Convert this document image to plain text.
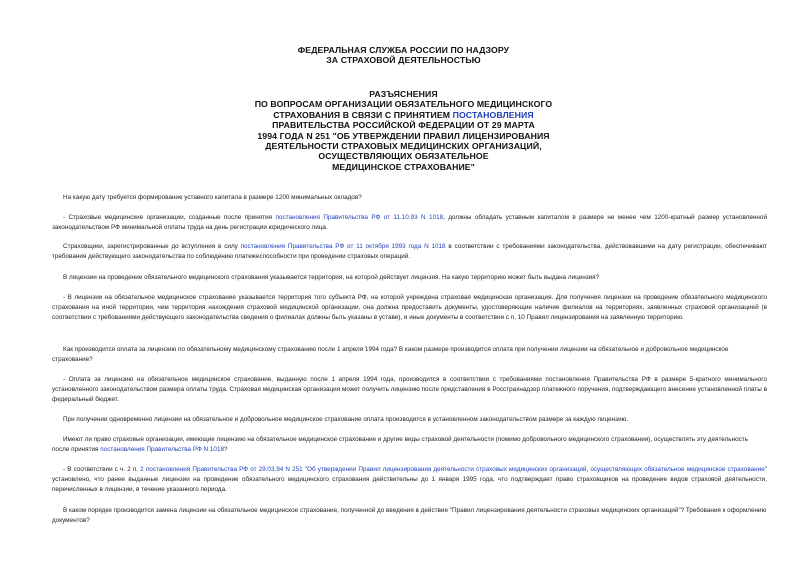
ФЕДЕРАЛЬНАЯ СЛУЖБА РОССИИ ПО НАДЗОРУ
ЗА СТРАХОВОЙ ДЕЯТЕЛЬНОСТЬЮ
РАЗЪЯСНЕНИЯ
ПО ВОПРОСАМ ОРГАНИЗАЦИИ ОБЯЗАТЕЛЬНОГО МЕДИЦИНСКОГО
СТРАХОВАНИЯ В СВЯЗИ С ПРИНЯТИЕМ ПОСТАНОВЛЕНИЯ
ПРАВИТЕЛЬСТВА РОССИЙСКОЙ ФЕДЕРАЦИИ ОТ 29 МАРТА
1994 ГОДА N 251 "ОБ УТВЕРЖДЕНИИ ПРАВИЛ ЛИЦЕНЗИРОВАНИЯ
ДЕЯТЕЛЬНОСТИ СТРАХОВЫХ МЕДИЦИНСКИХ ОРГАНИЗАЦИЙ,
ОСУЩЕСТВЛЯЮЩИХ ОБЯЗАТЕЛЬНОЕ
МЕДИЦИНСКОЕ СТРАХОВАНИЕ"
На какую дату требуется формирование уставного капитала в размере 1200 минимальных окладов?
- Страховые медицинские организации, созданные после принятия постановления Правительства РФ от 11.10.93 N 1018, должны обладать уставным капиталом в размере не менее чем 1200-кратный размер установленной законодательством РФ минимальной оплаты труда на день регистрации юридического лица.
Страховщики, зарегистрированные до вступления в силу постановления Правительства РФ от 11 октября 1993 года N 1018 в соответствии с требованиями законодательства, действовавшими на дату регистрации, обеспечивают требования действующего законодательства по соблюдению платежеспособности при проведении страховых операций.
В лицензии на проведение обязательного медицинского страхования указывается территория, на которой действует лицензия. На какую территорию может быть выдана лицензия?
- В лицензии на обязательное медицинское страхование указывается территория того субъекта РФ, на которой учреждена страховая медицинская организация. Для получения лицензии на проведение обязательного медицинского страхования на иной территории, чем территория нахождения страховой медицинской организации, она должна предоставить документы, удостоверяющие наличие филиалов на территориях, заявленных страховой организацией (в соответствии с требованиями действующего законодательства сведения о филиалах должны быть указаны в уставе), и иные документы в соответствии с п. 10 Правил лицензирования на заявленную территорию.
Как производится оплата за лицензию по обязательному медицинскому страхованию после 1 апреля 1994 года? В каком размере производится оплата при получении лицензии на обязательное и добровольное медицинское страхование?
- Оплата за лицензию на обязательное медицинское страхование, выданную после 1 апреля 1994 года, производится в соответствии с требованиями постановления Правительства РФ в размере 5-кратного минимального установленного законодательством размера оплаты труда. Страховая медицинская организация может получить лицензию после представления в Росстрахнадзор платежного поручения, подтверждающего внесение установленной платы в федеральный бюджет.
При получении одновременно лицензии на обязательное и добровольное медицинское страхование оплата производится в установленном законодательством размере за каждую лицензию.
Имеют ли право страховые организации, имеющие лицензию на обязательное медицинское страхование и другие виды страховой деятельности (помимо добровольного медицинского страхования), осуществлять эту деятельность после принятия постановления Правительства РФ N 1018?
- В соответствии с ч. 2 п. 2 постановления Правительства РФ от 29.03.94 N 251 "Об утверждении Правил лицензирования деятельности страховых медицинских организаций, осуществляющих обязательное медицинское страхование" установлено, что ранее выданные лицензии на проведение обязательного медицинского страхования действительны до 1 января 1995 года, что подтверждает право страховщиков на проведение видов страховой деятельности, перечисленных в лицензии, в течение указанного периода.
В каком порядке производится замена лицензии на обязательное медицинское страхование, полученной до введения в действие "Правил лицензирования деятельности страховых медицинских организаций"? Требования к оформлению документов?
